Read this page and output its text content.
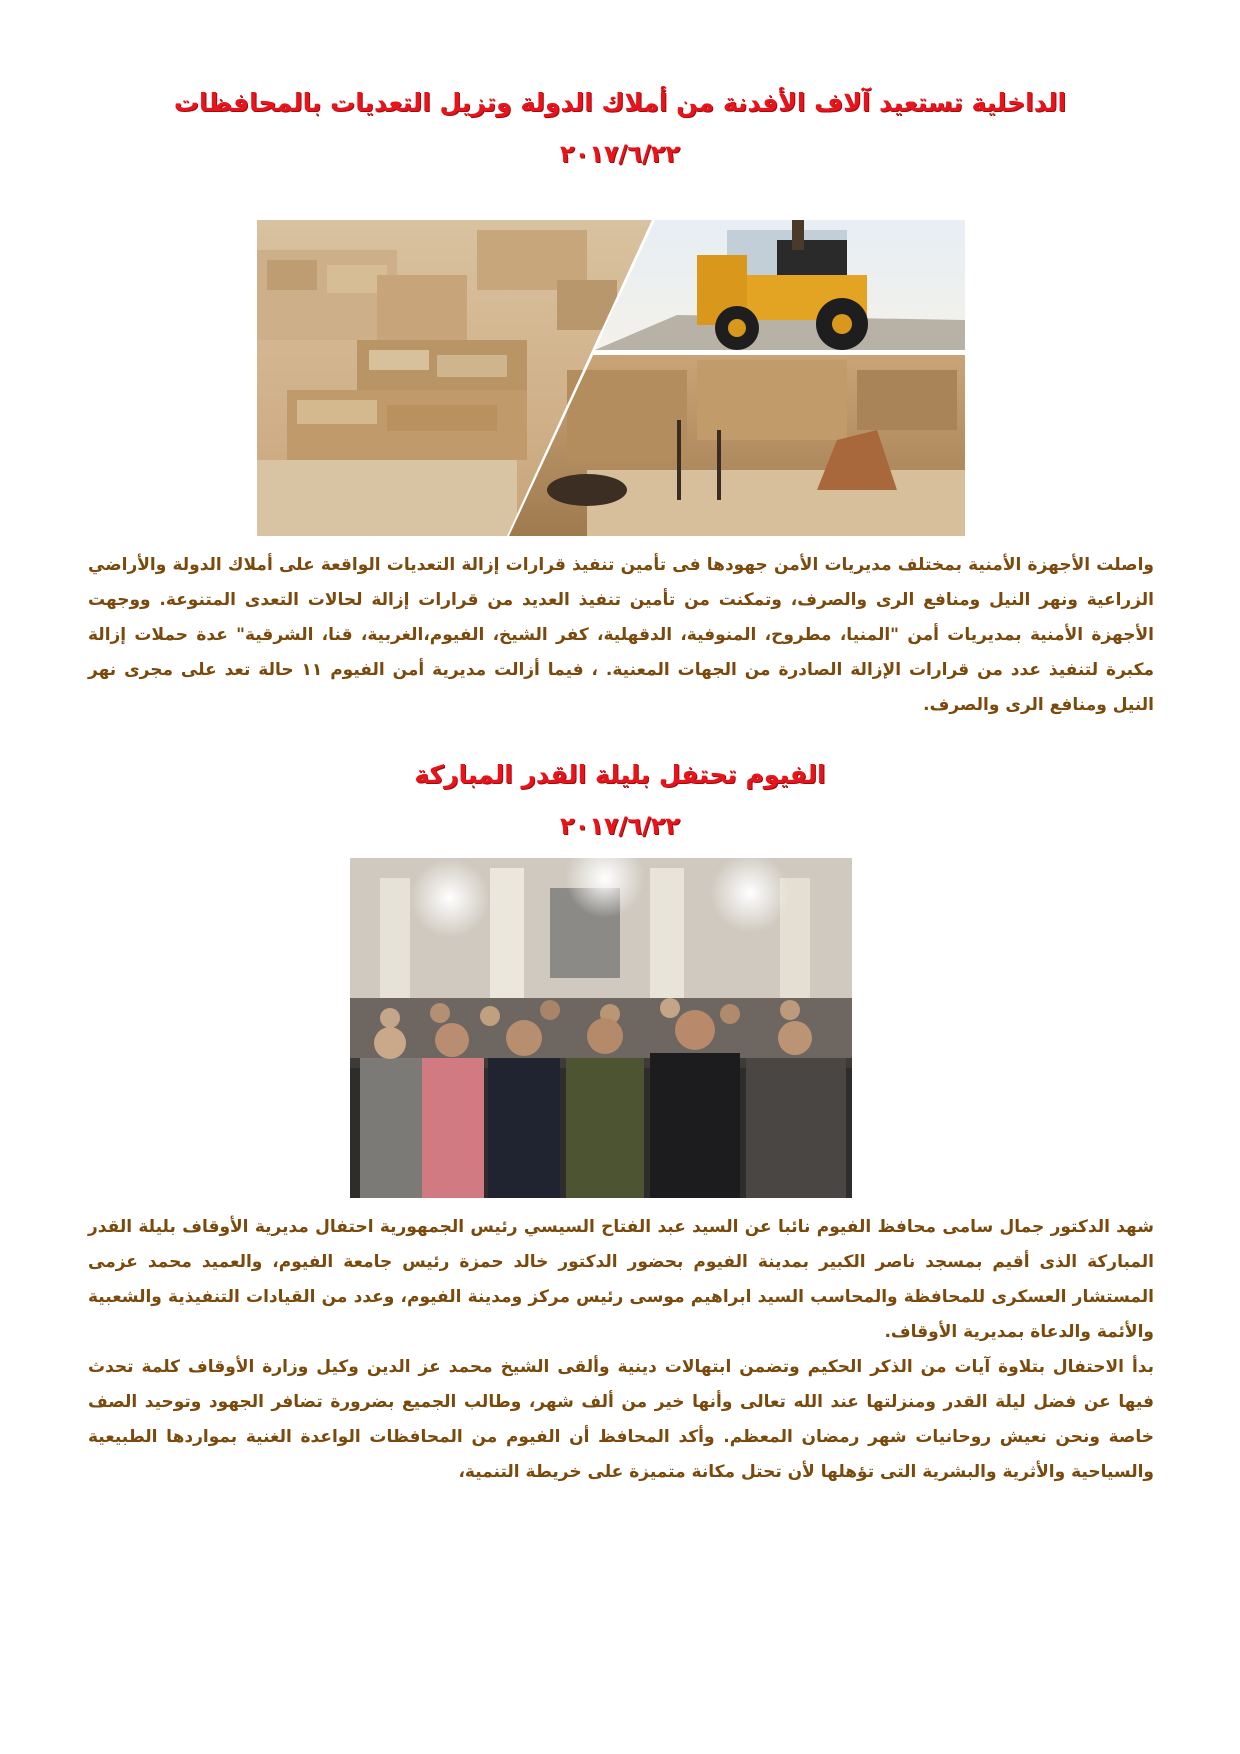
الداخلية تستعيد آلاف الأفدنة من أملاك الدولة وتزيل التعديات بالمحافظات
٢٠١٧/٦/٢٢

واصلت الأجهزة الأمنية بمختلف مديريات الأمن جهودها فى تأمين تنفيذ قرارات إزالة التعديات الواقعة على أملاك الدولة والأراضي الزراعية ونهر النيل ومنافع الرى والصرف، وتمكنت من تأمين تنفيذ العديد من قرارات إزالة لحالات التعدى المتنوعة. ووجهت الأجهزة الأمنية بمديريات أمن "المنيا، مطروح، المنوفية، الدقهلية، كفر الشيخ، الفيوم،الغربية، قنا، الشرقية" عدة حملات إزالة مكبرة لتنفيذ عدد من قرارات الإزالة الصادرة من الجهات المعنية. ، فيما أزالت مديرية أمن الفيوم ١١ حالة تعد على مجرى نهر النيل ومنافع الرى والصرف.

الفيوم تحتفل بليلة القدر المباركة
٢٠١٧/٦/٢٢

شهد الدكتور جمال سامى محافظ الفيوم نائبا عن السيد عبد الفتاح السيسي رئيس الجمهورية احتفال مديرية الأوقاف بليلة القدر المباركة الذى أقيم بمسجد ناصر الكبير بمدينة الفيوم بحضور الدكتور خالد حمزة رئيس جامعة الفيوم، والعميد محمد عزمى المستشار العسكرى للمحافظة والمحاسب السيد ابراهيم موسى رئيس مركز ومدينة الفيوم، وعدد من القيادات التنفيذية والشعبية والأئمة والدعاة بمديرية الأوقاف.

بدأ الاحتفال بتلاوة آيات من الذكر الحكيم وتضمن ابتهالات دينية وألقى الشيخ محمد عز الدين وكيل وزارة الأوقاف كلمة تحدث فيها عن فضل ليلة القدر ومنزلتها عند الله تعالى وأنها خير من ألف شهر، وطالب الجميع بضرورة تضافر الجهود وتوحيد الصف خاصة ونحن نعيش روحانيات شهر رمضان المعظم. وأكد المحافظ أن الفيوم من المحافظات الواعدة الغنية بمواردها الطبيعية والسياحية والأثرية والبشرية التى تؤهلها لأن تحتل مكانة متميزة على خريطة التنمية،
